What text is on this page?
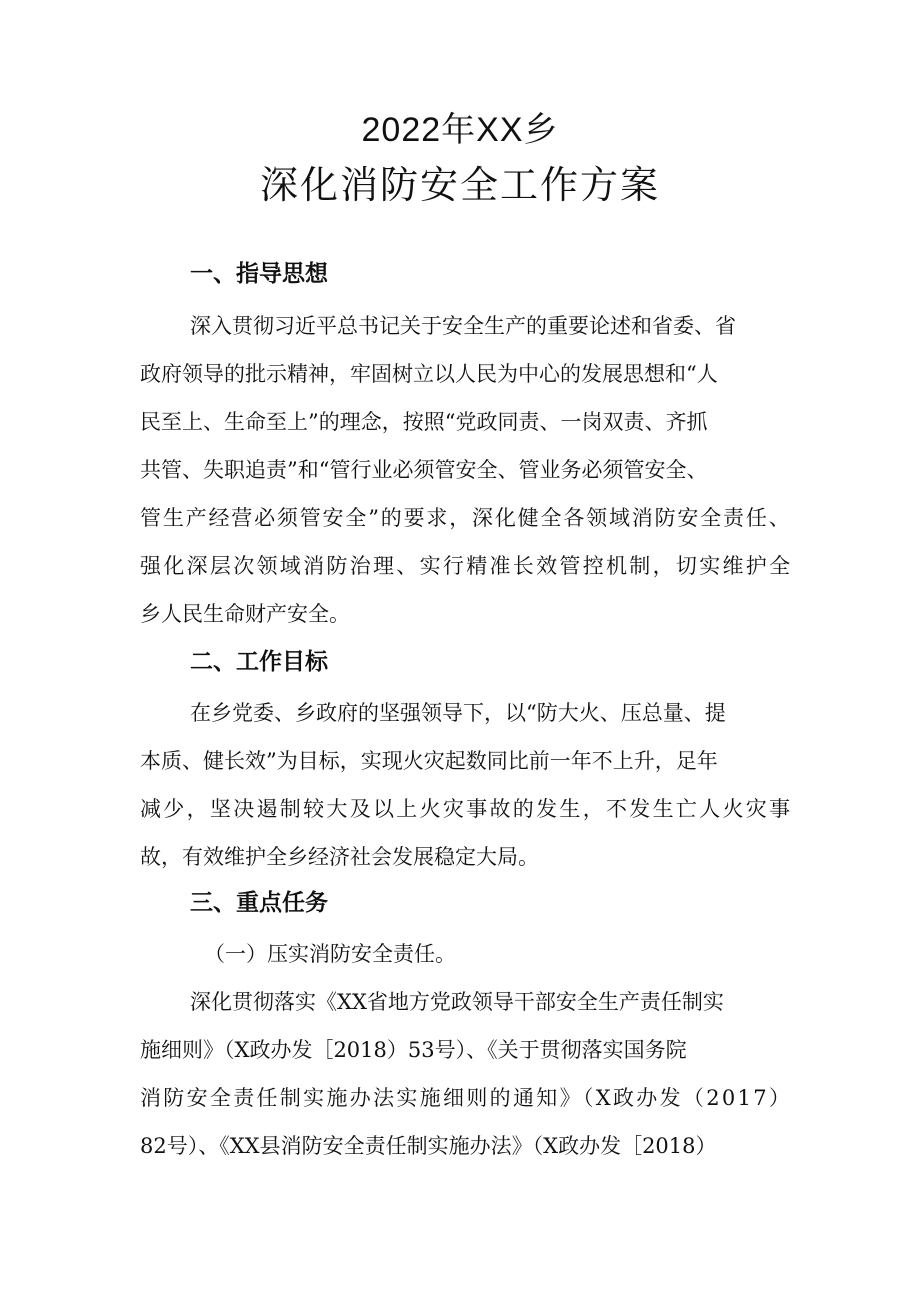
2022年XX乡
深化消防安全工作方案
一、指导思想
深入贯彻习近平总书记关于安全生产的重要论述和省委、省
政府领导的批示精神，牢固树立以人民为中心的发展思想和“人
民至上、生命至上”的理念，按照“党政同责、一岗双责、齐抓
共管、失职追责”和“管行业必须管安全、管业务必须管安全、
管生产经营必须管安全”的要求，深化健全各领域消防安全责任、
强化深层次领域消防治理、实行精准长效管控机制，切实维护全
乡人民生命财产安全。
二、工作目标
在乡党委、乡政府的坚强领导下，以“防大火、压总量、提
本质、健长效”为目标，实现火灾起数同比前一年不上升，足年
减少，坚决遏制较大及以上火灾事故的发生，不发生亡人火灾事
故，有效维护全乡经济社会发展稳定大局。
三、重点任务
（一）压实消防安全责任。
深化贯彻落实《XX省地方党政领导干部安全生产责任制实
施细则》（X政办发［2018）53号）、《关于贯彻落实国务院
消防安全责任制实施办法实施细则的通知》（X政办发（2017）
82号）、《XX县消防安全责任制实施办法》（X政办发［2018）
